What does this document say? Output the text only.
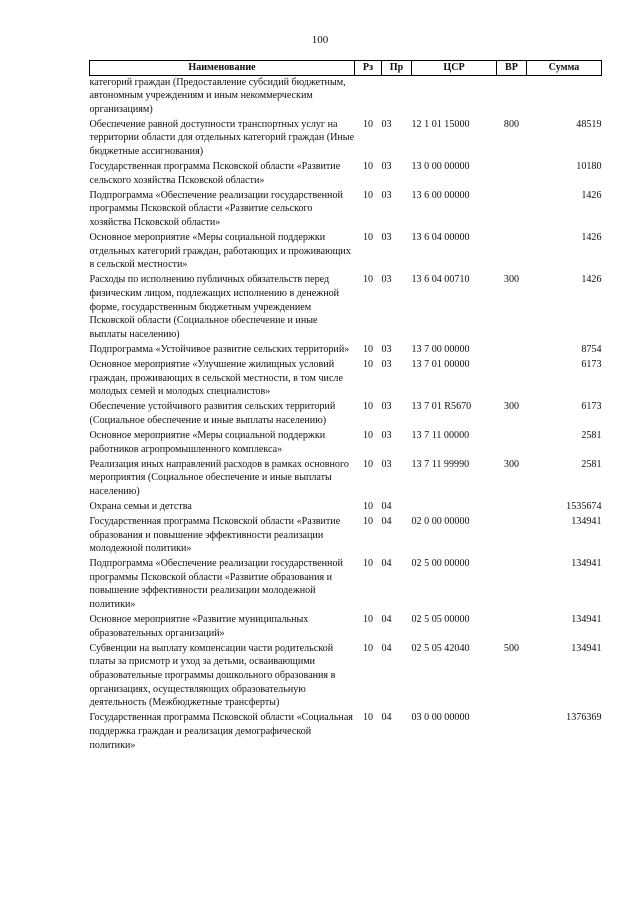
100
Наименование	Рз	Пр	ЦСР	ВР	Сумма
категорий граждан (Предоставление субсидий бюджетным, автономным учреждениям и иным некоммерческим организациям)					

Обеспечение равной доступности транспортных услуг на территории области для отдельных категорий граждан (Иные бюджетные ассигнования)	10	03	12 1 01 15000	800	48519

Государственная программа Псковской области «Развитие сельского хозяйства Псковской области»	10	03	13 0 00 00000		10180

Подпрограмма «Обеспечение реализации государственной программы Псковской области «Развитие сельского хозяйства Псковской области»	10	03	13 6 00 00000		1426

Основное мероприятие «Меры социальной поддержки отдельных категорий граждан, работающих и проживающих в сельской местности»	10	03	13 6 04 00000		1426

Расходы по исполнению публичных обязательств перед физическим лицом, подлежащих исполнению в денежной форме, государственным бюджетным учреждением Псковской области (Социальное обеспечение и иные выплаты населению)	10	03	13 6 04 00710	300	1426

Подпрограмма «Устойчивое развитие сельских территорий»	10	03	13 7 00 00000		8754

Основное мероприятие «Улучшение жилищных условий граждан, проживающих в сельской местности, в том числе молодых семей и молодых специалистов»	10	03	13 7 01 00000		6173

Обеспечение устойчивого развития сельских территорий (Социальное обеспечение и иные выплаты населению)	10	03	13 7 01 R5670	300	6173

Основное мероприятие «Меры социальной поддержки работников агропромышленного комплекса»	10	03	13 7 11 00000		2581

Реализация иных направлений расходов в рамках основного мероприятия (Социальное обеспечение и иные выплаты населению)	10	03	13 7 11 99990	300	2581

Охрана семьи и детства	10	04			1535674

Государственная программа Псковской области «Развитие образования и повышение эффективности реализации молодежной политики»	10	04	02 0 00 00000		134941

Подпрограмма «Обеспечение реализации государственной программы Псковской области «Развитие образования и повышение эффективности реализации молодежной политики»	10	04	02 5 00 00000		134941

Основное мероприятие «Развитие муниципальных образовательных организаций»	10	04	02 5 05 00000		134941

Субвенции на выплату компенсации части родительской платы за присмотр и уход за детьми, осваивающими образовательные программы дошкольного образования в организациях, осуществляющих образовательную деятельность (Межбюджетные трансферты)	10	04	02 5 05 42040	500	134941

Государственная программа Псковской области «Социальная поддержка граждан и реализация демографической политики»	10	04	03 0 00 00000		1376369
